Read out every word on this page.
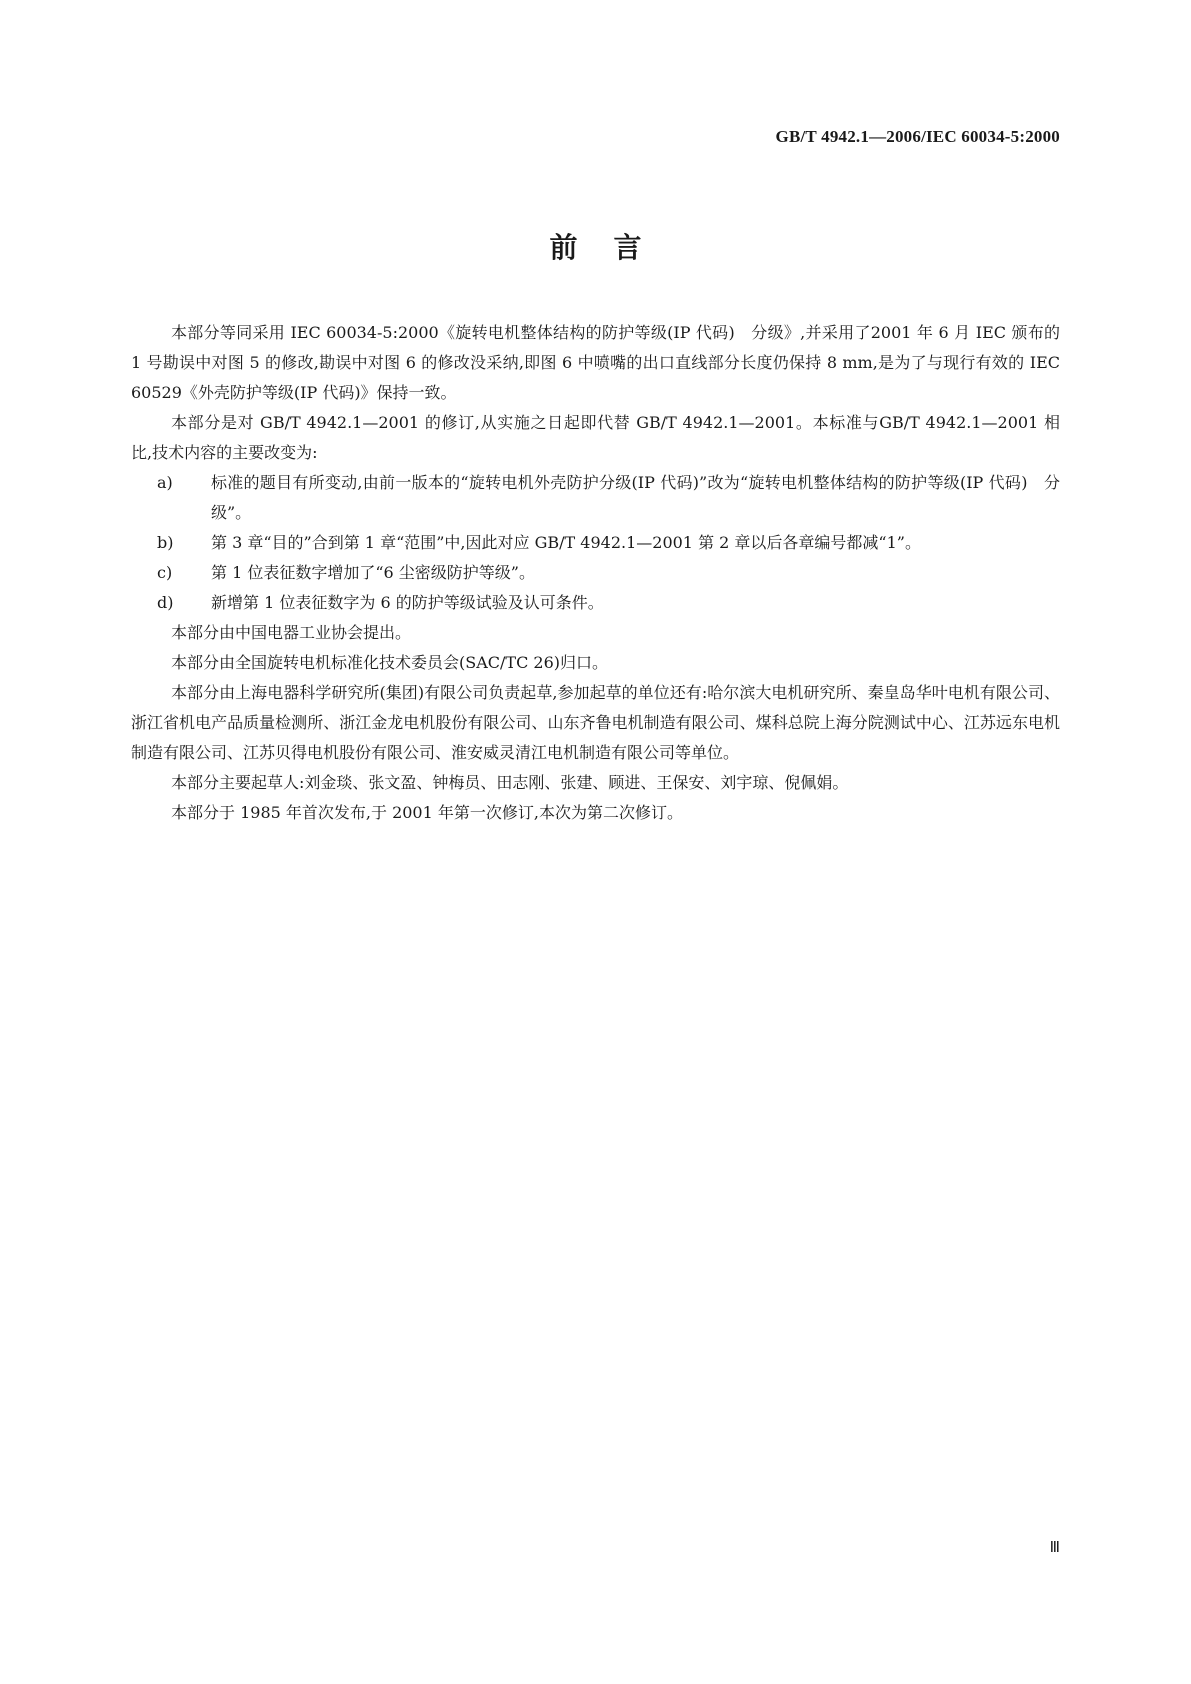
GB/T 4942.1—2006/IEC 60034-5:2000
前言
本部分等同采用 IEC 60034-5:2000《旋转电机整体结构的防护等级(IP 代码)　分级》,并采用了2001 年 6 月 IEC 颁布的 1 号勘误中对图 5 的修改,勘误中对图 6 的修改没采纳,即图 6 中喷嘴的出口直线部分长度仍保持 8 mm,是为了与现行有效的 IEC 60529《外壳防护等级(IP 代码)》保持一致。
本部分是对 GB/T 4942.1—2001 的修订,从实施之日起即代替 GB/T 4942.1—2001。本标准与GB/T 4942.1—2001 相比,技术内容的主要改变为:
a) 标准的题目有所变动,由前一版本的“旋转电机外壳防护分级(IP 代码)”改为“旋转电机整体结构的防护等级(IP 代码)　分级”。
b) 第 3 章“目的”合到第 1 章“范围”中,因此对应 GB/T 4942.1—2001 第 2 章以后各章编号都减“1”。
c) 第 1 位表征数字增加了“6 尘密级防护等级”。
d) 新增第 1 位表征数字为 6 的防护等级试验及认可条件。
本部分由中国电器工业协会提出。
本部分由全国旋转电机标准化技术委员会(SAC/TC 26)归口。
本部分由上海电器科学研究所(集团)有限公司负责起草,参加起草的单位还有:哈尔滨大电机研究所、秦皇岛华叶电机有限公司、浙江省机电产品质量检测所、浙江金龙电机股份有限公司、山东齐鲁电机制造有限公司、煤科总院上海分院测试中心、江苏远东电机制造有限公司、江苏贝得电机股份有限公司、淮安威灵清江电机制造有限公司等单位。
本部分主要起草人:刘金琰、张文盈、钟梅员、田志刚、张建、顾进、王保安、刘宇琼、倪佩娟。
本部分于 1985 年首次发布,于 2001 年第一次修订,本次为第二次修订。
Ⅲ
